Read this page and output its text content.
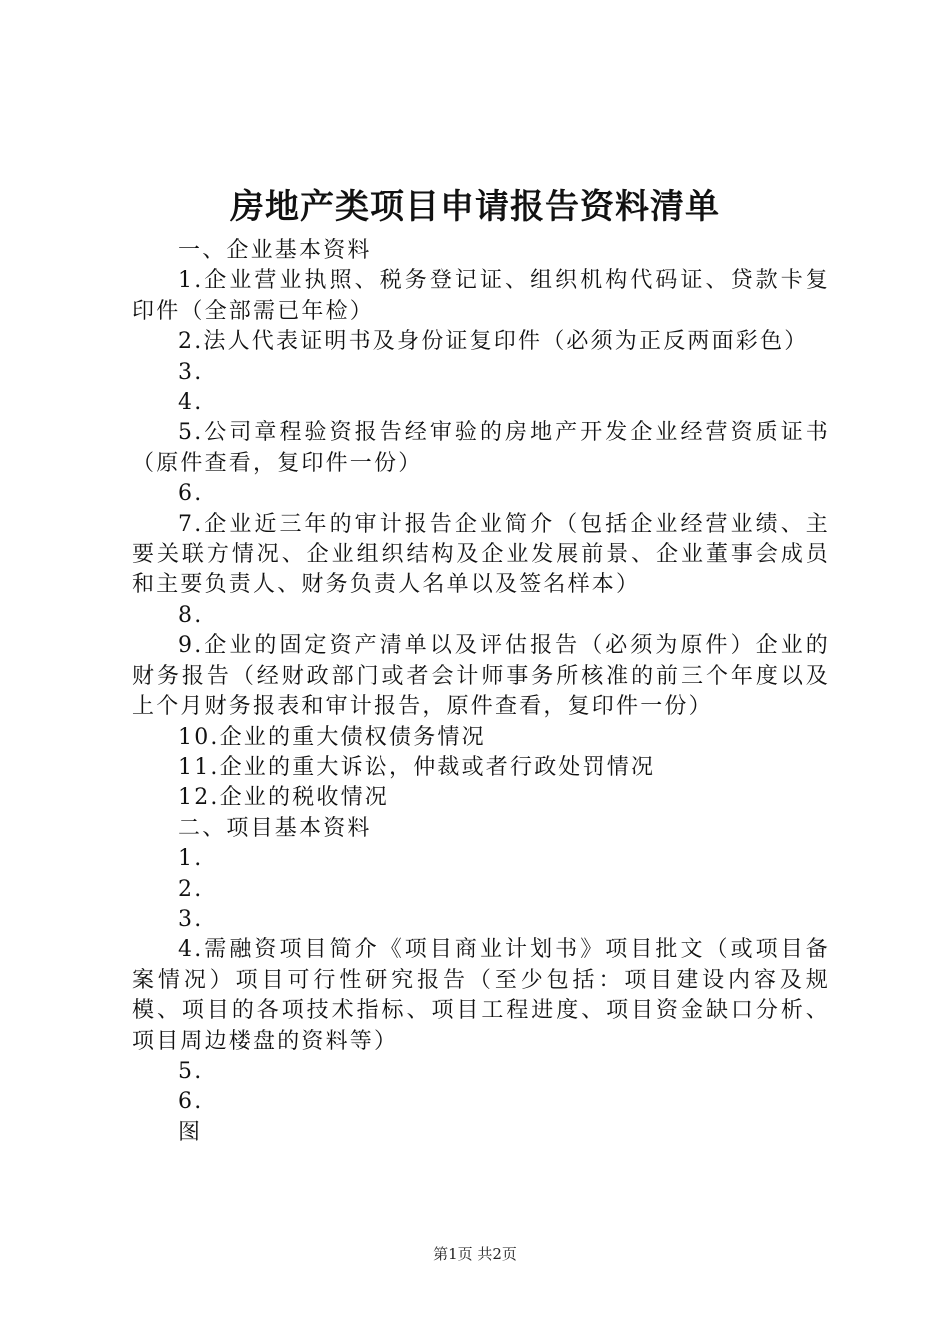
房地产类项目申请报告资料清单

一、企业基本资料

1.企业营业执照、税务登记证、组织机构代码证、贷款卡复印件（全部需已年检）

2.法人代表证明书及身份证复印件（必须为正反两面彩色）

3.

4.

5.公司章程验资报告经审验的房地产开发企业经营资质证书（原件查看，复印件一份）

6.

7.企业近三年的审计报告企业简介（包括企业经营业绩、主要关联方情况、企业组织结构及企业发展前景、企业董事会成员和主要负责人、财务负责人名单以及签名样本）

8.

9.企业的固定资产清单以及评估报告（必须为原件）企业的财务报告（经财政部门或者会计师事务所核准的前三个年度以及上个月财务报表和审计报告，原件查看，复印件一份）

10.企业的重大债权债务情况

11.企业的重大诉讼，仲裁或者行政处罚情况

12.企业的税收情况

二、项目基本资料

1.

2.

3.

4.需融资项目简介《项目商业计划书》项目批文（或项目备案情况）项目可行性研究报告（至少包括：项目建设内容及规模、项目的各项技术指标、项目工程进度、项目资金缺口分析、项目周边楼盘的资料等）

5.

6.

图

第1页 共2页
